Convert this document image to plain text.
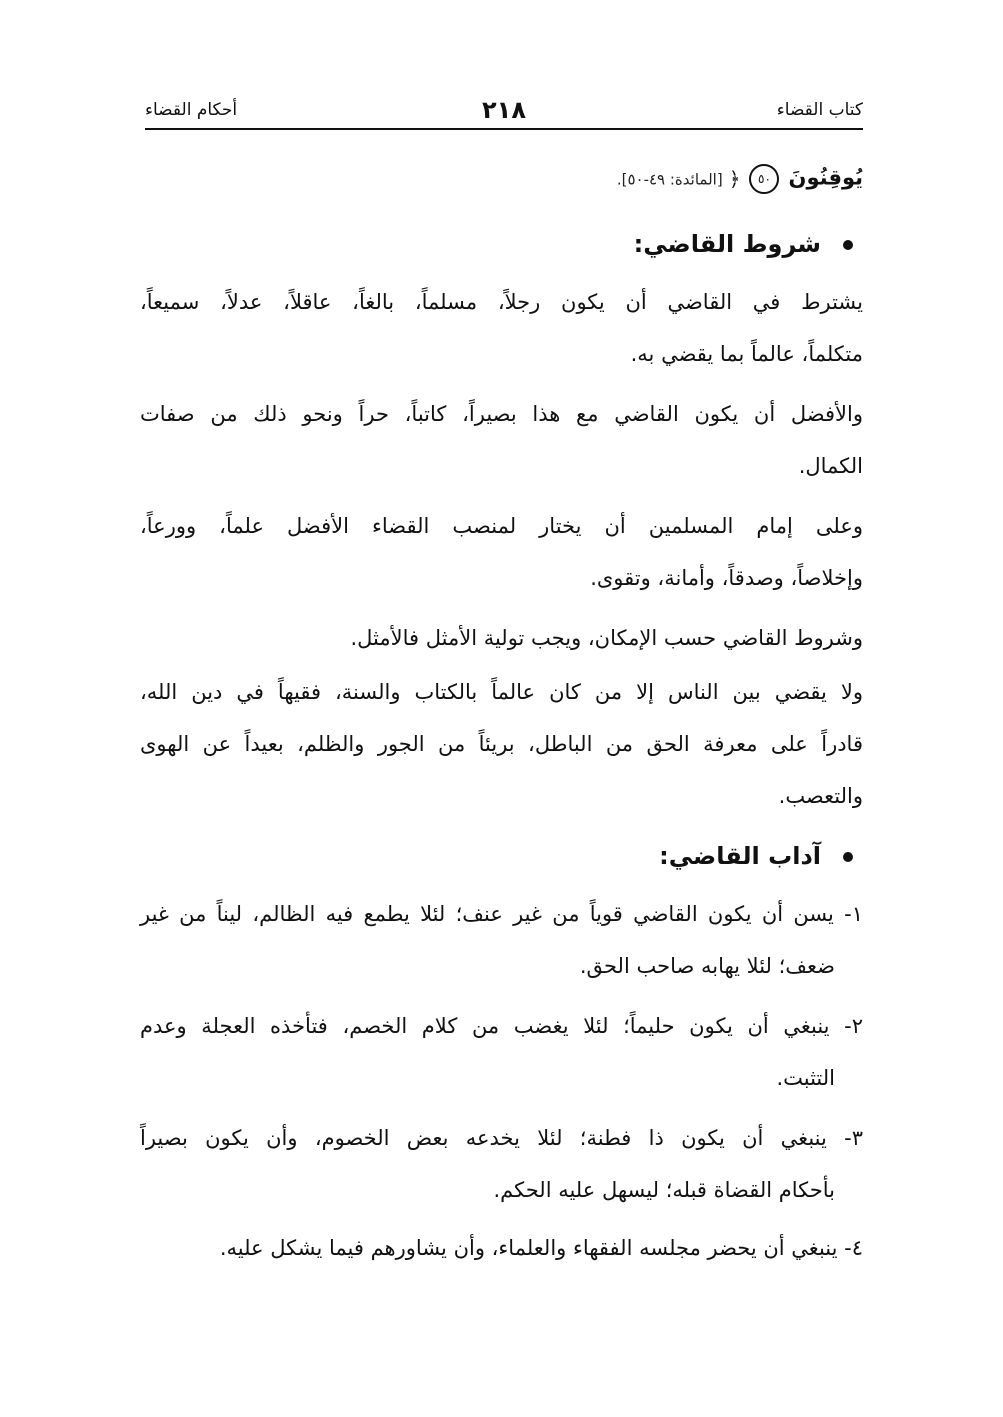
كتاب القضاء
٢١٨
أحكام القضاء
يُوقِنُونَ ٥٠ ﴿ [المائدة: ٤٩-٥٠].
شروط القاضي:
يشترط في القاضي أن يكون رجلاً، مسلماً، بالغاً، عاقلاً، عدلاً، سميعاً،
متكلماً، عالماً بما يقضي به.
والأفضل أن يكون القاضي مع هذا بصيراً، كاتباً، حراً ونحو ذلك من صفات
الكمال.
وعلى إمام المسلمين أن يختار لمنصب القضاء الأفضل علماً، وورعاً،
وإخلاصاً، وصدقاً، وأمانة، وتقوى.
وشروط القاضي حسب الإمكان، ويجب تولية الأمثل فالأمثل.
ولا يقضي بين الناس إلا من كان عالماً بالكتاب والسنة، فقيهاً في دين الله،
قادراً على معرفة الحق من الباطل، بريئاً من الجور والظلم، بعيداً عن الهوى
والتعصب.
آداب القاضي:
١- يسن أن يكون القاضي قوياً من غير عنف؛ لئلا يطمع فيه الظالم، ليناً من غير
ضعف؛ لئلا يهابه صاحب الحق.
٢- ينبغي أن يكون حليماً؛ لئلا يغضب من كلام الخصم، فتأخذه العجلة وعدم
التثبت.
٣- ينبغي أن يكون ذا فطنة؛ لئلا يخدعه بعض الخصوم، وأن يكون بصيراً
بأحكام القضاة قبله؛ ليسهل عليه الحكم.
٤- ينبغي أن يحضر مجلسه الفقهاء والعلماء، وأن يشاورهم فيما يشكل عليه.
